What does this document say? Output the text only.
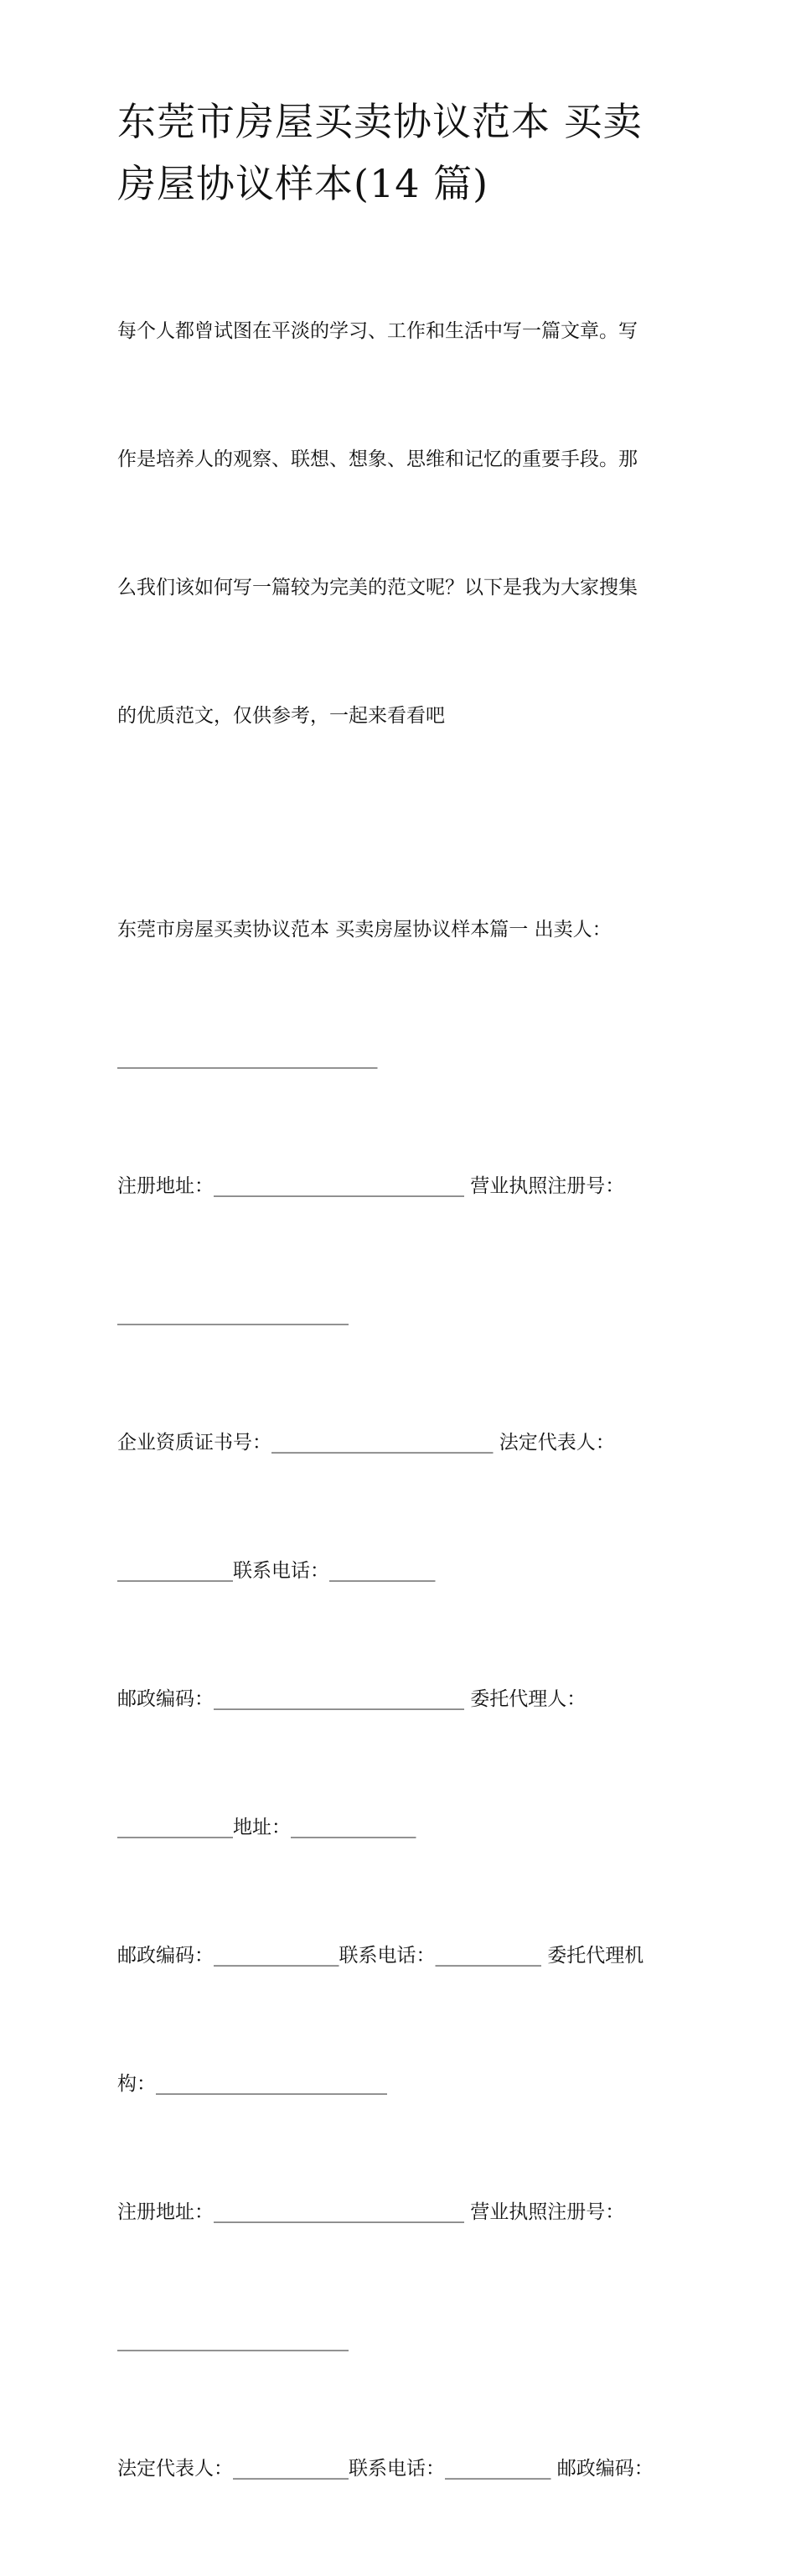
东莞市房屋买卖协议范本 买卖
房屋协议样本(14 篇)

每个人都曾试图在平淡的学习、工作和生活中写一篇文章。写

作是培养人的观察、联想、想象、思维和记忆的重要手段。那

么我们该如何写一篇较为完美的范文呢？以下是我为大家搜集

的优质范文，仅供参考，一起来看看吧

东莞市房屋买卖协议范本 买卖房屋协议样本篇一 出卖人：

___________________________

注册地址：__________________________ 营业执照注册号：

________________________

企业资质证书号：_______________________ 法定代表人：

____________联系电话：___________

邮政编码：__________________________ 委托代理人：

____________地址：_____________

邮政编码：_____________联系电话：___________ 委托代理机

构：________________________

注册地址：__________________________ 营业执照注册号：

________________________

法定代表人：____________联系电话：___________ 邮政编码：
